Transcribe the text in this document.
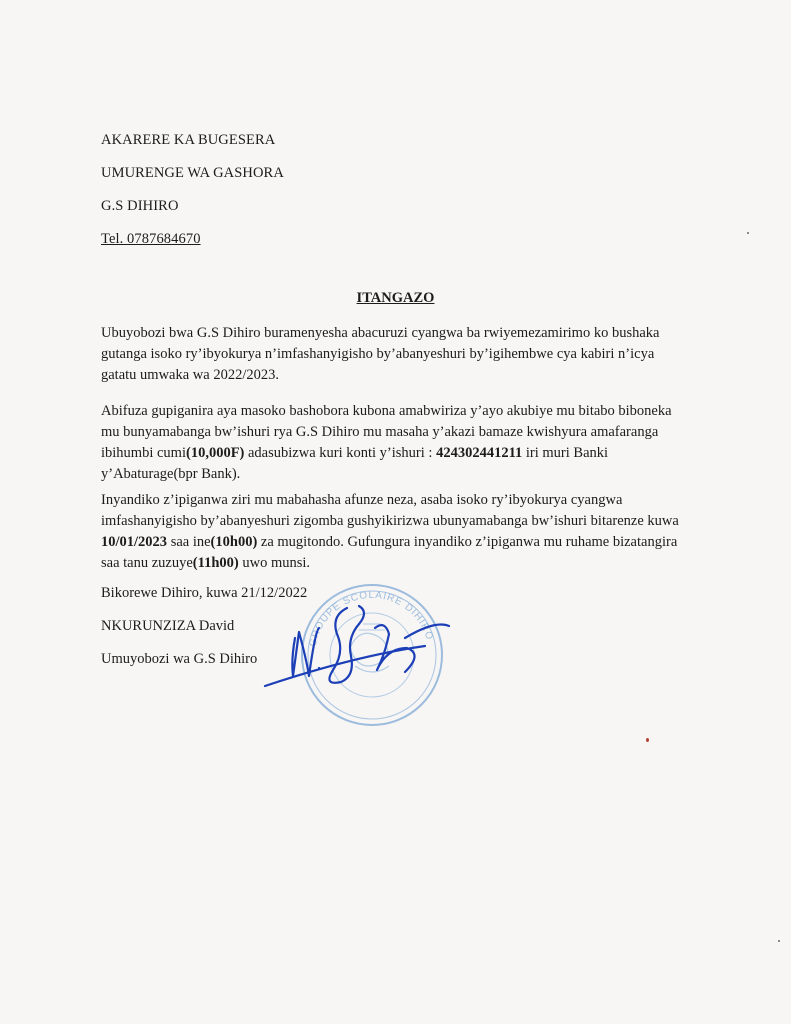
AKARERE KA BUGESERA
UMURENGE WA GASHORA
G.S DIHIRO
Tel. 0787684670
ITANGAZO
Ubuyobozi bwa G.S Dihiro buramenyesha abacuruzi cyangwa ba rwiyemezamirimo ko bushaka gutanga isoko ry’ibyokurya n’imfashanyigisho by’abanyeshuri by’igihembwe cya kabiri n’icya gatatu umwaka wa 2022/2023.
Abifuza gupiganira aya masoko bashobora kubona amabwiriza y’ayo akubiye mu bitabo biboneka mu bunyamabanga bw’ishuri rya G.S Dihiro mu masaha y’akazi bamaze kwishyura amafaranga ibihumbi cumi(10,000F) adasubizwa kuri konti y’ishuri : 424302441211 iri muri Banki y’Abaturage(bpr Bank).
Inyandiko z’ipiganwa ziri mu mabahasha afunze neza, asaba isoko ry’ibyokurya cyangwa imfashanyigisho by’abanyeshuri zigomba gushyikirizwa ubunyamabanga bw’ishuri bitarenze kuwa 10/01/2023 saa ine(10h00) za mugitondo. Gufungura inyandiko z’ipiganwa mu ruhame bizatangira saa tanu zuzuye(11h00) uwo munsi.
Bikorewe Dihiro, kuwa 21/12/2022
NKURUNZIZA David
Umuyobozi wa G.S Dihiro
GROUPE SCOLAIRE DIHIRO
